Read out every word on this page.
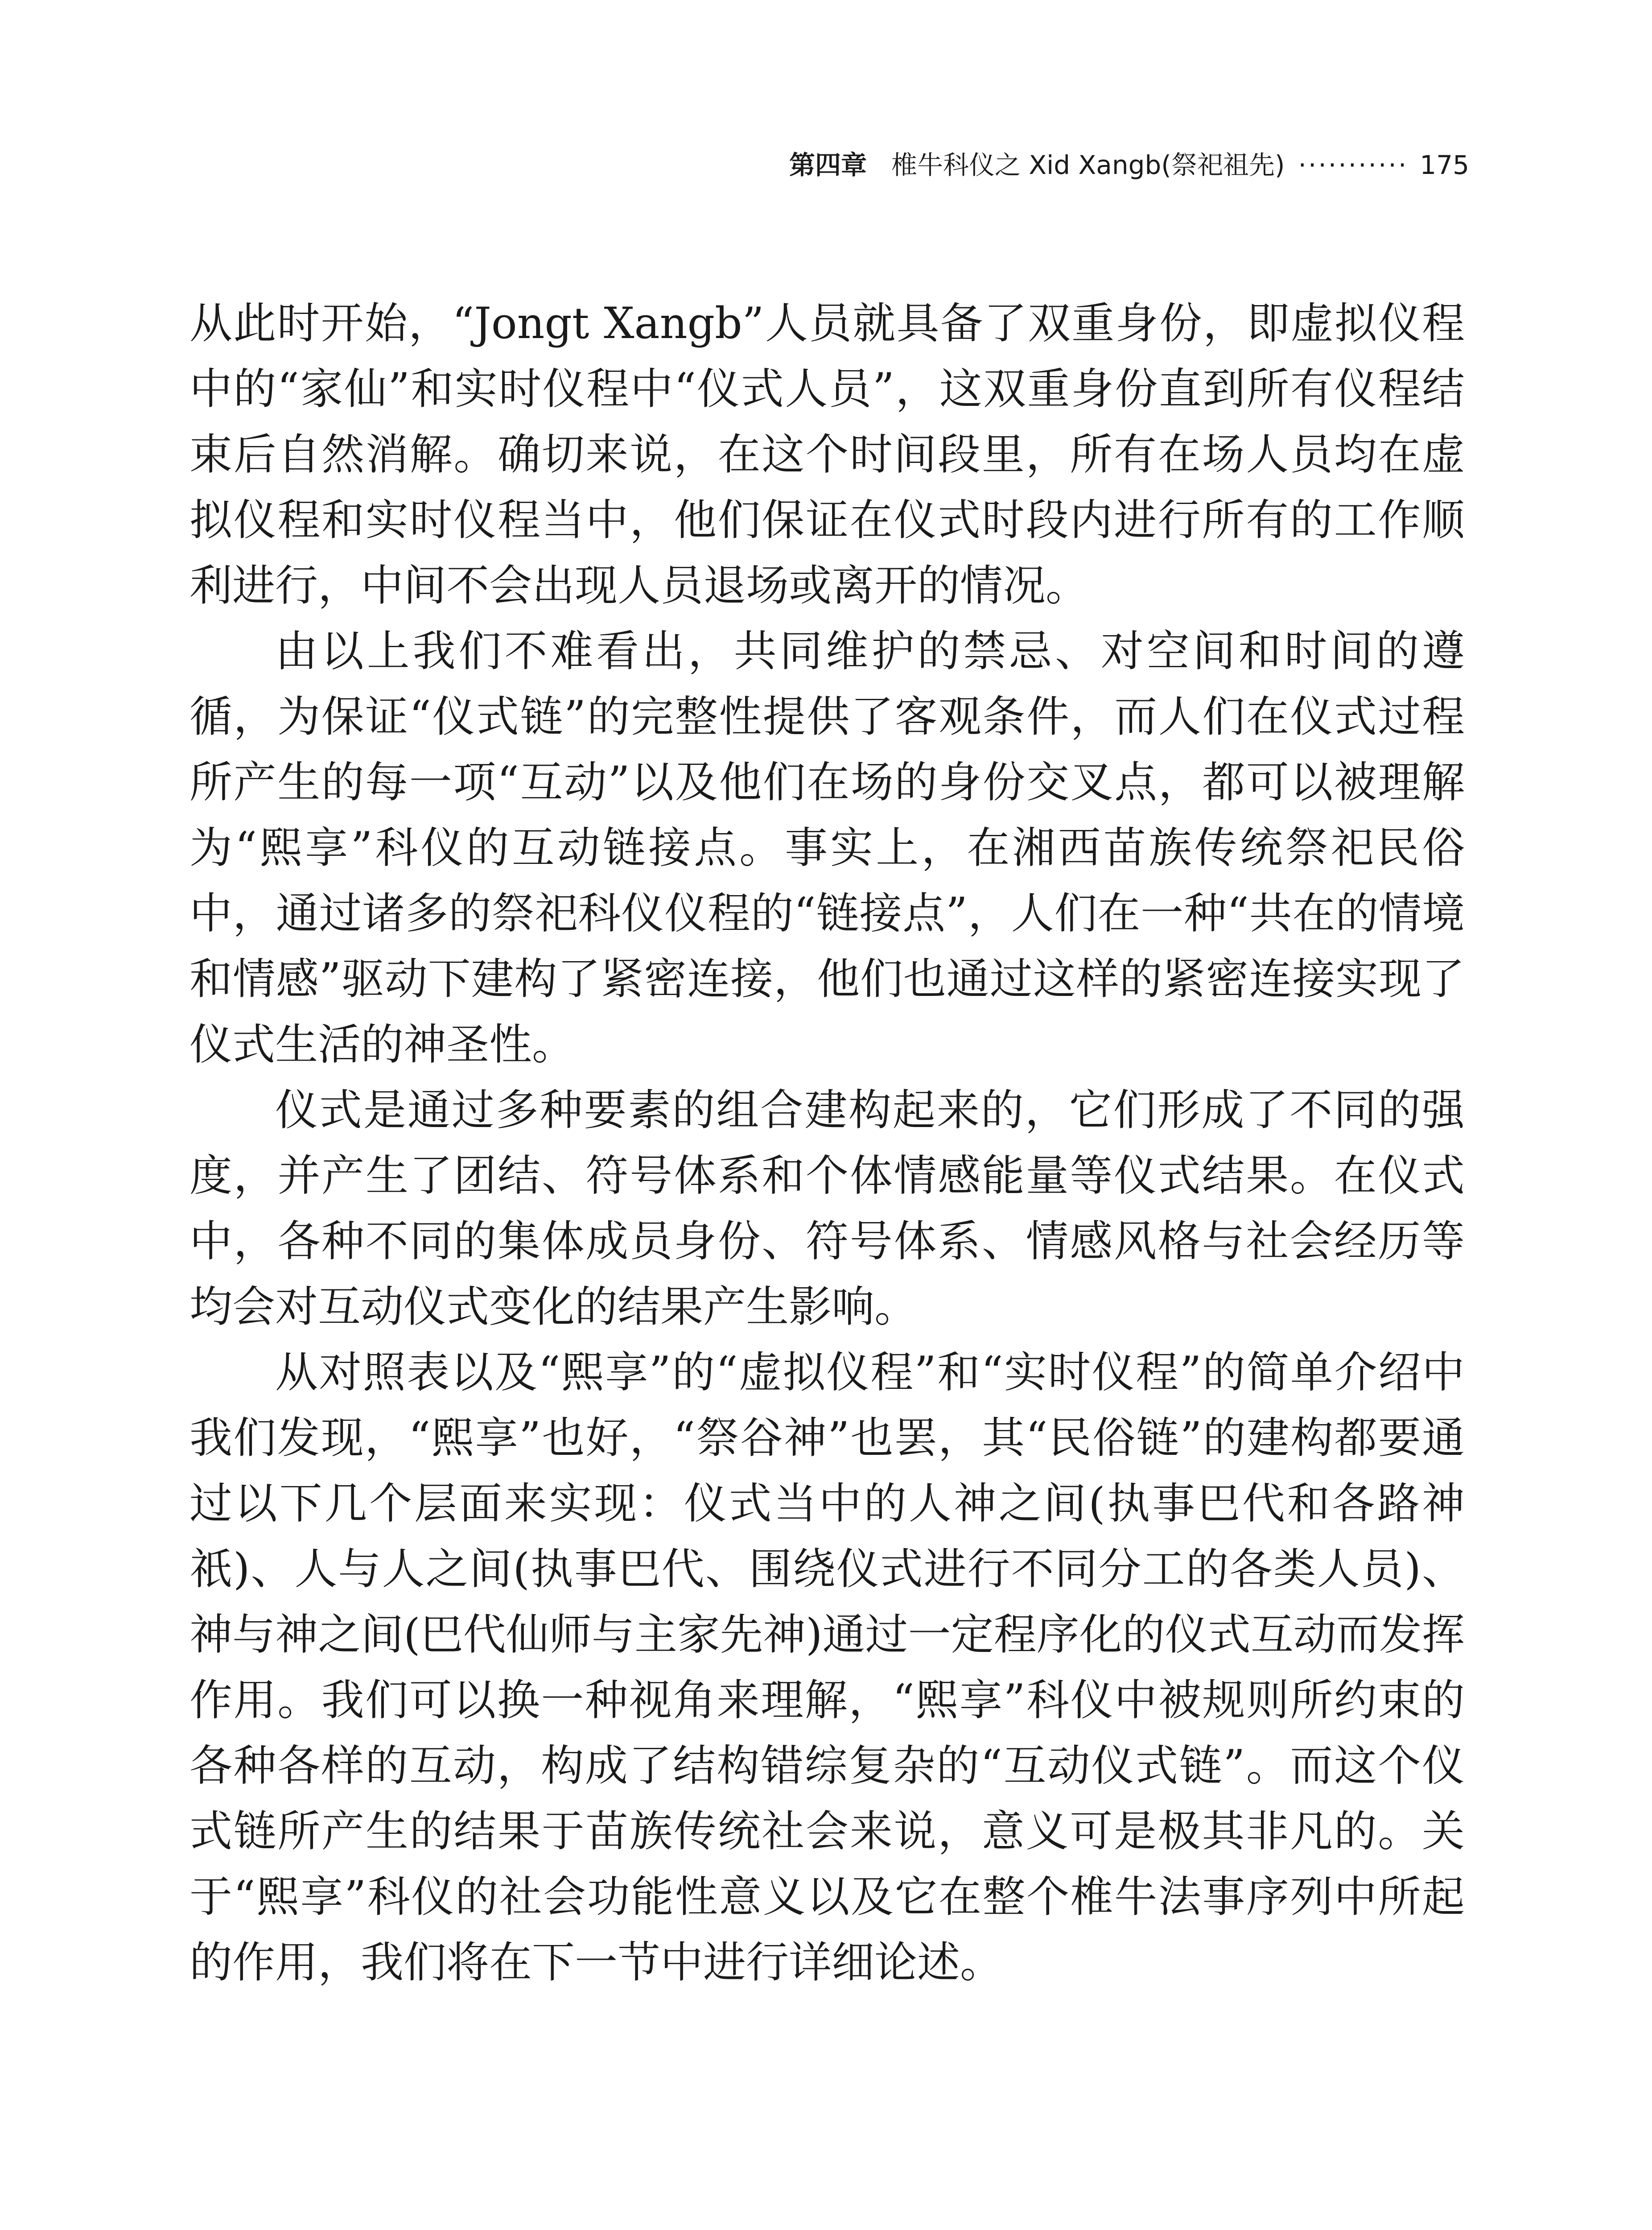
第四章 椎牛科仪之 Xid Xangb(祭祀祖先) ··········· 175

从此时开始，“Jongt Xangb”人员就具备了双重身份，即虚拟仪程中的“家仙”和实时仪程中“仪式人员”，这双重身份直到所有仪程结束后自然消解。确切来说，在这个时间段里，所有在场人员均在虚拟仪程和实时仪程当中，他们保证在仪式时段内进行所有的工作顺利进行，中间不会出现人员退场或离开的情况。

由以上我们不难看出，共同维护的禁忌、对空间和时间的遵循，为保证“仪式链”的完整性提供了客观条件，而人们在仪式过程所产生的每一项“互动”以及他们在场的身份交叉点，都可以被理解为“熙享”科仪的互动链接点。事实上，在湘西苗族传统祭祀民俗中，通过诸多的祭祀科仪仪程的“链接点”，人们在一种“共在的情境和情感”驱动下建构了紧密连接，他们也通过这样的紧密连接实现了仪式生活的神圣性。

仪式是通过多种要素的组合建构起来的，它们形成了不同的强度，并产生了团结、符号体系和个体情感能量等仪式结果。在仪式中，各种不同的集体成员身份、符号体系、情感风格与社会经历等均会对互动仪式变化的结果产生影响。

从对照表以及“熙享”的“虚拟仪程”和“实时仪程”的简单介绍中我们发现，“熙享”也好，“祭谷神”也罢，其“民俗链”的建构都要通过以下几个层面来实现：仪式当中的人神之间(执事巴代和各路神祇)、人与人之间(执事巴代、围绕仪式进行不同分工的各类人员)、神与神之间(巴代仙师与主家先神)通过一定程序化的仪式互动而发挥作用。我们可以换一种视角来理解，“熙享”科仪中被规则所约束的各种各样的互动，构成了结构错综复杂的“互动仪式链”。而这个仪式链所产生的结果于苗族传统社会来说，意义可是极其非凡的。关于“熙享”科仪的社会功能性意义以及它在整个椎牛法事序列中所起的作用，我们将在下一节中进行详细论述。
